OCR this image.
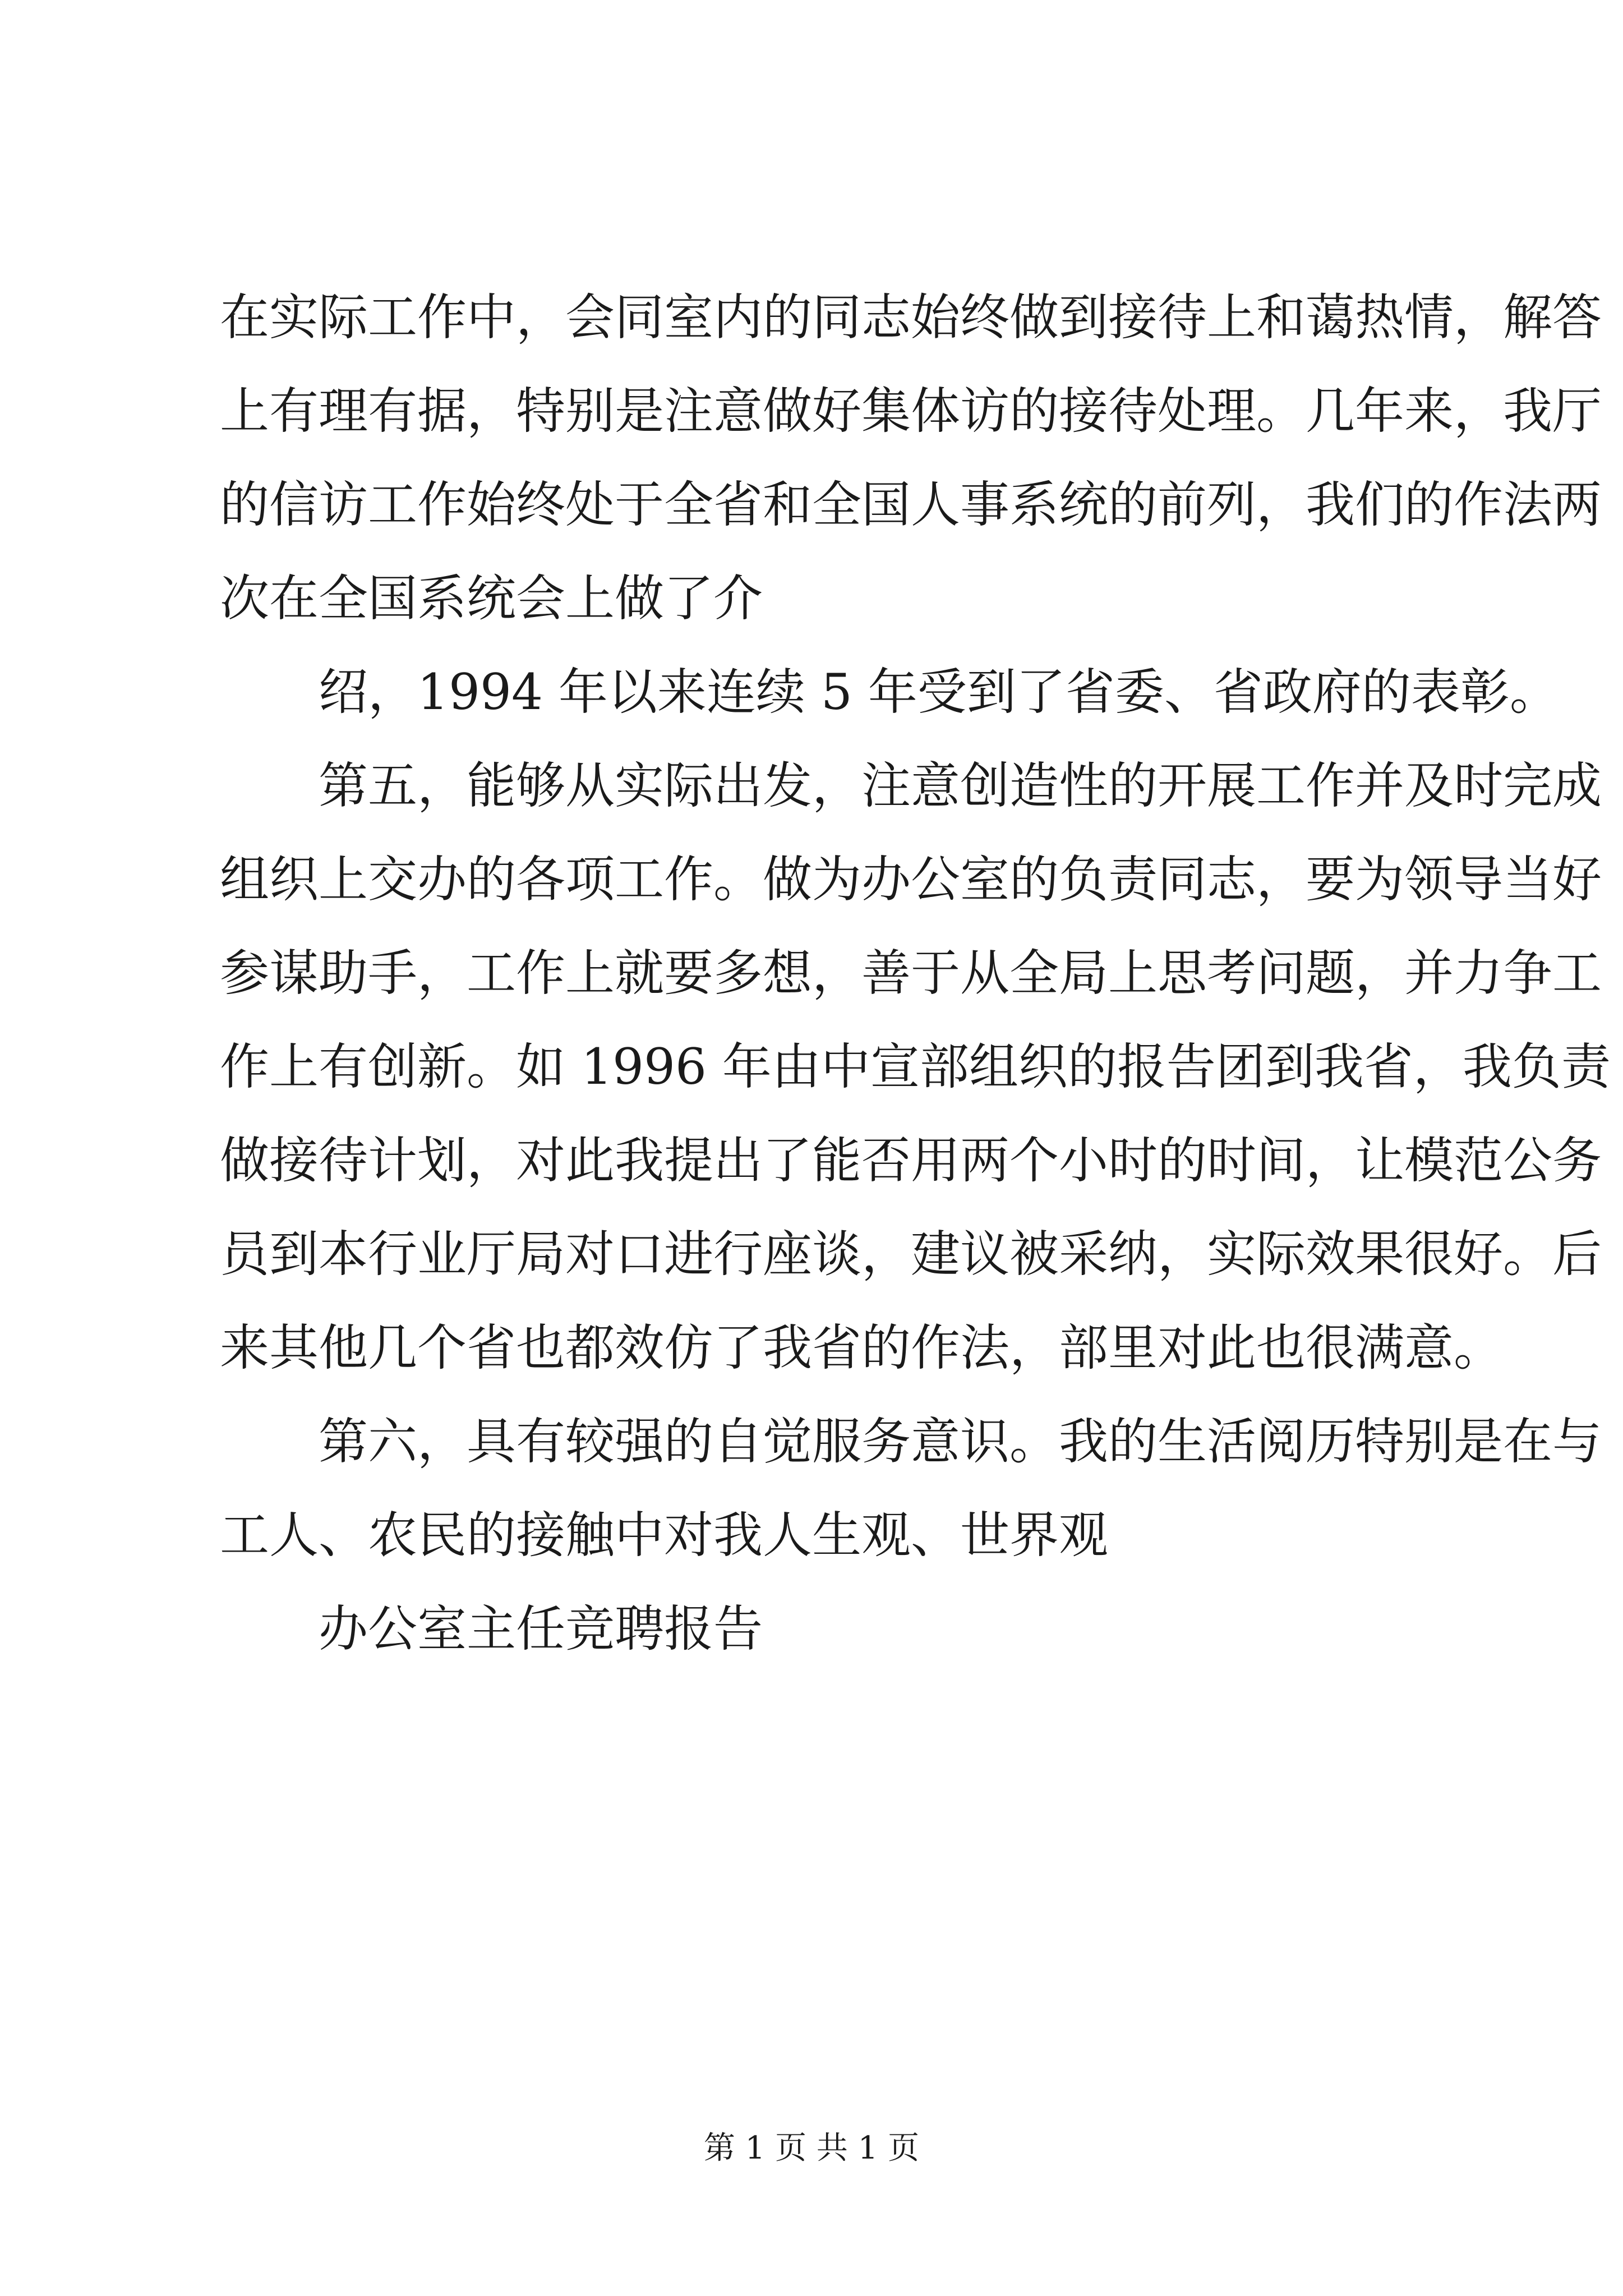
在实际工作中，会同室内的同志始终做到接待上和蔼热情，解答
上有理有据，特别是注意做好集体访的接待处理。几年来，我厅
的信访工作始终处于全省和全国人事系统的前列，我们的作法两
次在全国系统会上做了介
绍，1994 年以来连续 5 年受到了省委、省政府的表彰。
第五，能够从实际出发，注意创造性的开展工作并及时完成
组织上交办的各项工作。做为办公室的负责同志，要为领导当好
参谋助手，工作上就要多想，善于从全局上思考问题，并力争工
作上有创新。如 1996 年由中宣部组织的报告团到我省，我负责
做接待计划，对此我提出了能否用两个小时的时间，让模范公务
员到本行业厅局对口进行座谈，建议被采纳，实际效果很好。后
来其他几个省也都效仿了我省的作法，部里对此也很满意。
第六，具有较强的自觉服务意识。我的生活阅历特别是在与
工人、农民的接触中对我人生观、世界观
办公室主任竞聘报告
第 1 页 共 1 页
